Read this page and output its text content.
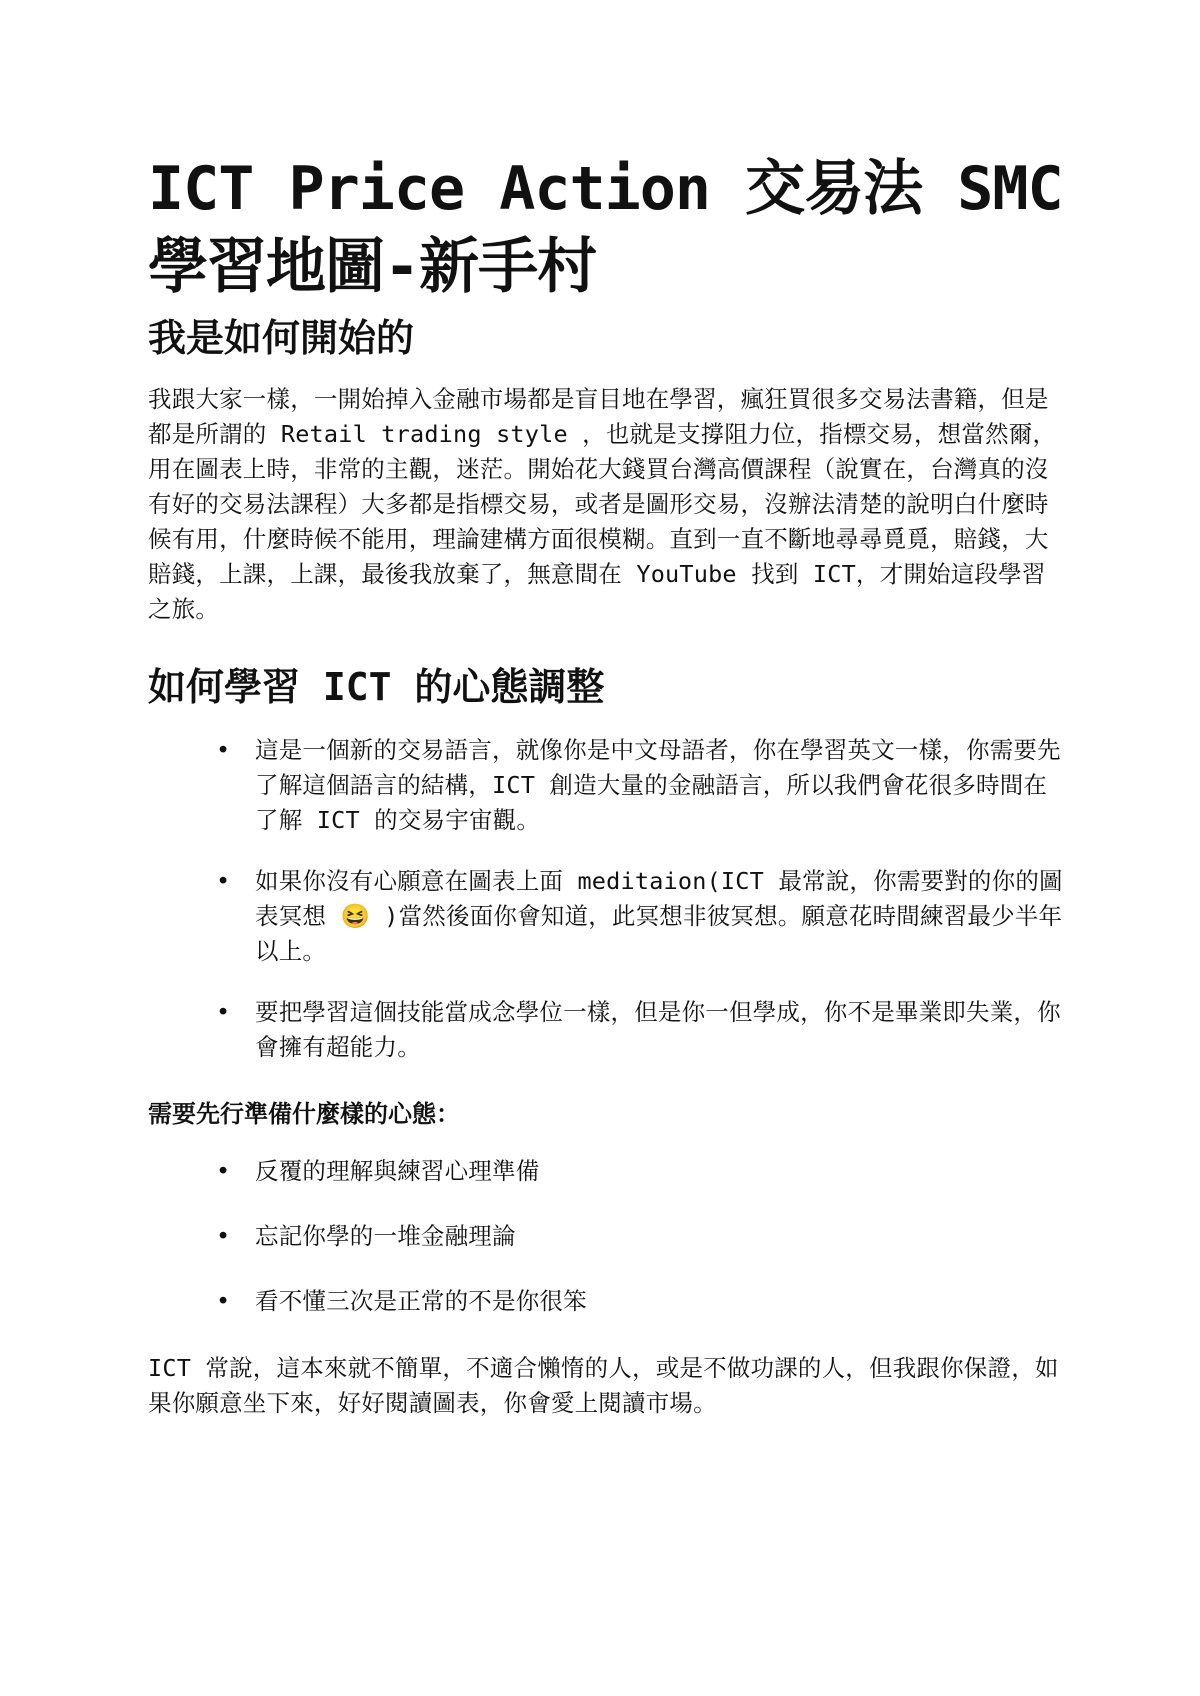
ICT Price Action 交易法 SMC 學習地圖-新手村
我是如何開始的

我跟大家一樣，一開始掉入金融市場都是盲目地在學習，瘋狂買很多交易法書籍，但是都是所謂的 Retail trading style ，也就是支撐阻力位，指標交易，想當然爾，用在圖表上時，非常的主觀，迷茫。開始花大錢買台灣高價課程（說實在，台灣真的沒有好的交易法課程）大多都是指標交易，或者是圖形交易，沒辦法清楚的說明白什麼時候有用，什麼時候不能用，理論建構方面很模糊。直到一直不斷地尋尋覓覓，賠錢，大賠錢，上課，上課，最後我放棄了，無意間在 YouTube 找到 ICT，才開始這段學習之旅。

如何學習 ICT 的心態調整
• 這是一個新的交易語言，就像你是中文母語者，你在學習英文一樣，你需要先了解這個語言的結構，ICT 創造大量的金融語言，所以我們會花很多時間在了解 ICT 的交易宇宙觀。
• 如果你沒有心願意在圖表上面 meditaion(ICT 最常說，你需要對的你的圖表冥想 😆 )當然後面你會知道，此冥想非彼冥想。願意花時間練習最少半年以上。
• 要把學習這個技能當成念學位一樣，但是你一但學成，你不是畢業即失業，你會擁有超能力。

需要先行準備什麼樣的心態：

• 反覆的理解與練習心理準備
• 忘記你學的一堆金融理論
• 看不懂三次是正常的不是你很笨

ICT 常說，這本來就不簡單，不適合懶惰的人，或是不做功課的人，但我跟你保證，如果你願意坐下來，好好閱讀圖表，你會愛上閱讀市場。
